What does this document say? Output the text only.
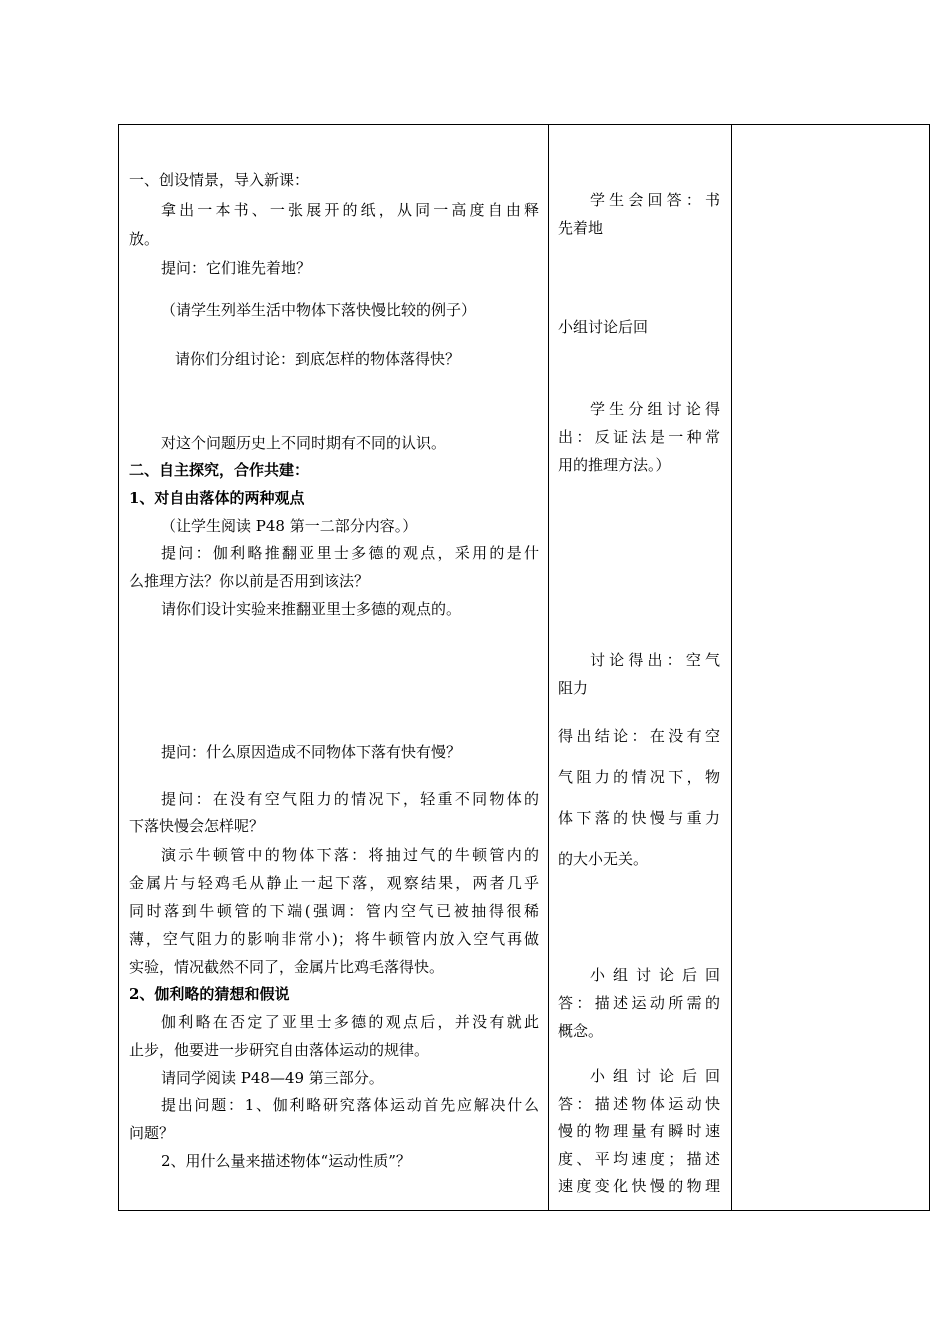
一、创设情景，导入新课：
拿出一本书、一张展开的纸，从同一高度自由释
放。
提问：它们谁先着地？
（请学生列举生活中物体下落快慢比较的例子）
请你们分组讨论：到底怎样的物体落得快？
对这个问题历史上不同时期有不同的认识。
二、自主探究，合作共建：
1、对自由落体的两种观点
（让学生阅读 P48 第一二部分内容。）
提问：伽利略推翻亚里士多德的观点，采用的是什
么推理方法？你以前是否用到该法？
请你们设计实验来推翻亚里士多德的观点的。
提问：什么原因造成不同物体下落有快有慢？
提问：在没有空气阻力的情况下，轻重不同物体的
下落快慢会怎样呢？
演示牛顿管中的物体下落：将抽过气的牛顿管内的
金属片与轻鸡毛从静止一起下落，观察结果，两者几乎
同时落到牛顿管的下端(强调：管内空气已被抽得很稀
薄，空气阻力的影响非常小)；将牛顿管内放入空气再做
实验，情况截然不同了，金属片比鸡毛落得快。
2、伽利略的猜想和假说
伽利略在否定了亚里士多德的观点后，并没有就此
止步，他要进一步研究自由落体运动的规律。
请同学阅读 P48—49 第三部分。
提出问题：1、伽利略研究落体运动首先应解决什么
问题？
2、用什么量来描述物体“运动性质”？
学生会回答：书
先着地
小组讨论后回
学生分组讨论得
出：反证法是一种常
用的推理方法。）
讨论得出：空气
阻力
得出结论：在没有空
气阻力的情况下，物
体下落的快慢与重力
的大小无关。
小组讨论后回
答：描述运动所需的
概念。
小组讨论后回
答：描述物体运动快
慢的物理量有瞬时速
度、平均速度；描述
速度变化快慢的物理
